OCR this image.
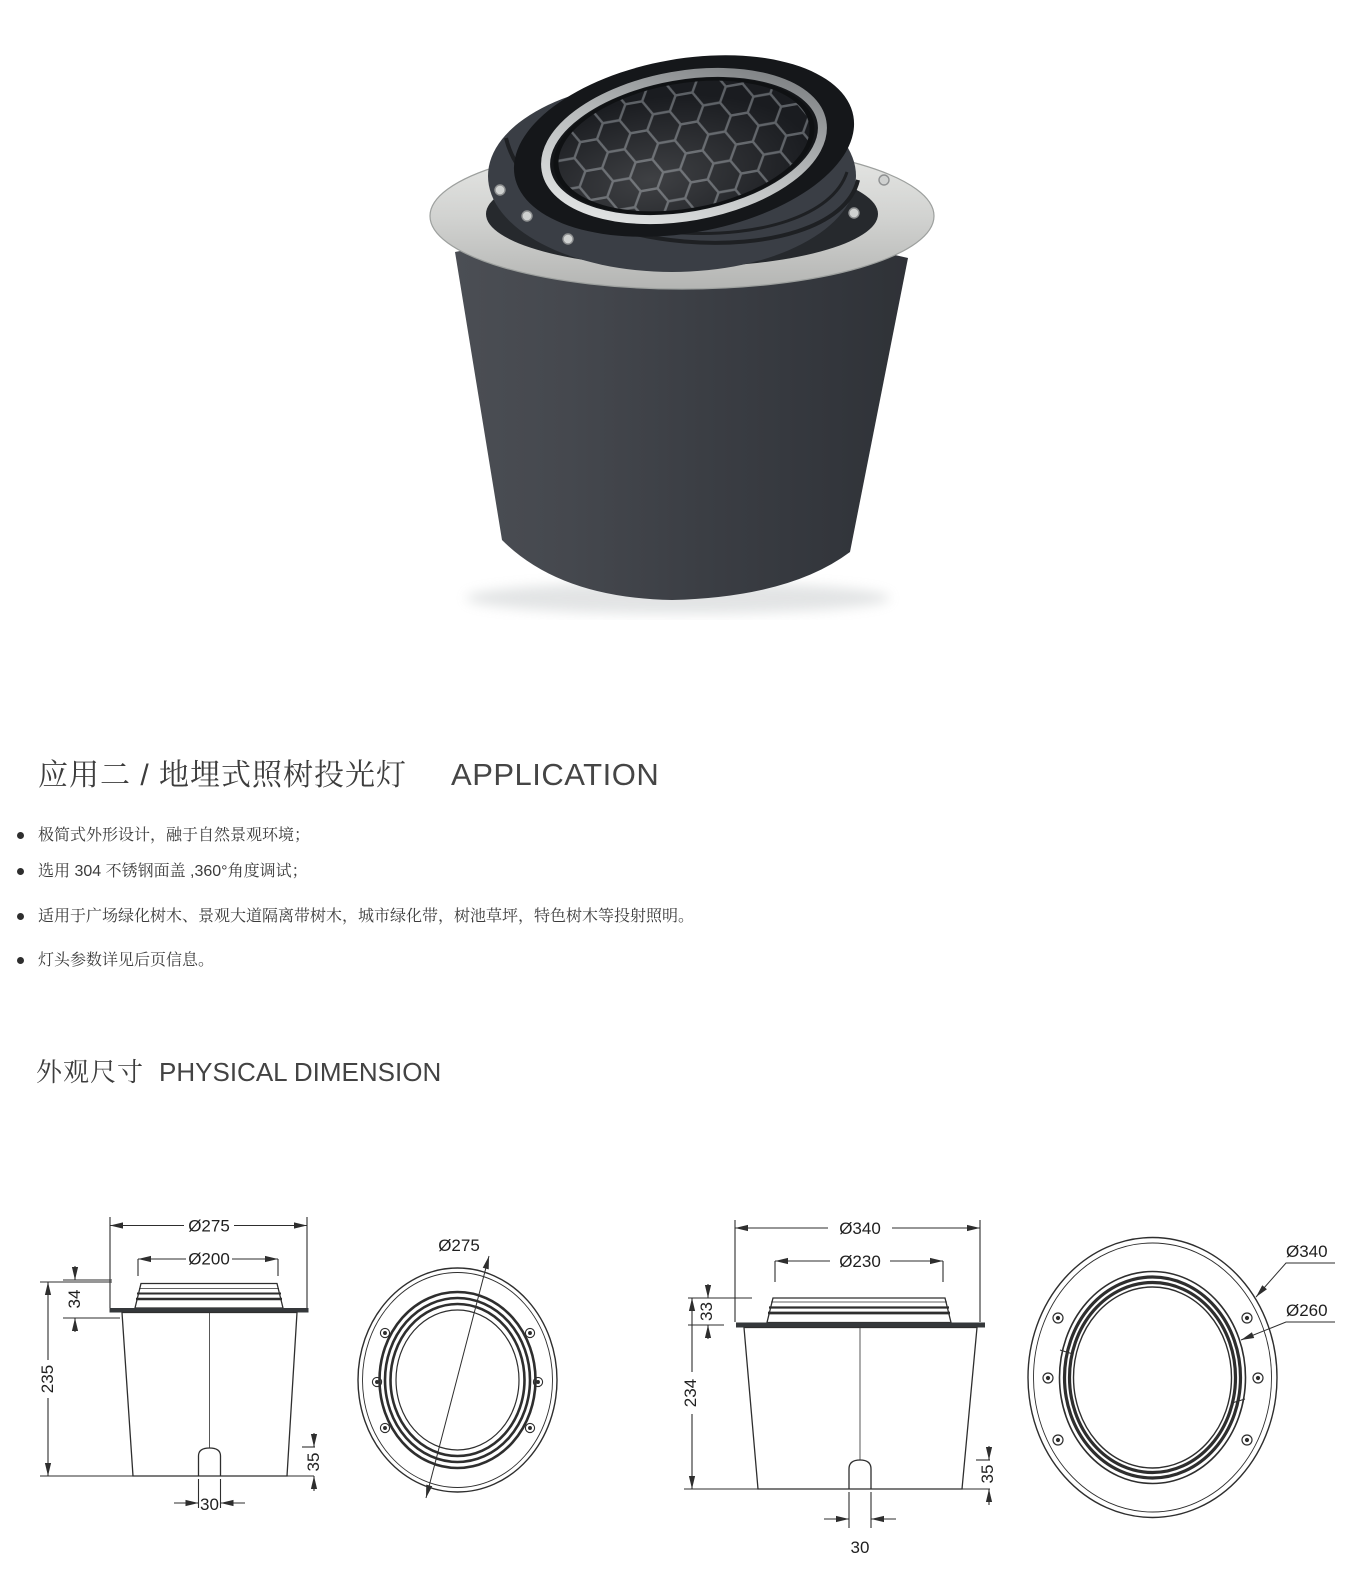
应用二 / 地埋式照树投光灯 APPLICATION
极简式外形设计，融于自然景观环境；
选用 304 不锈钢面盖 ,360°角度调试；
适用于广场绿化树木、景观大道隔离带树木，城市绿化带，树池草坪，特色树木等投射照明。
灯头参数详见后页信息。
外观尺寸 PHYSICAL DIMENSION
Ø275
Ø200
34
235
35
30
Ø275
Ø340
Ø230
33
234
35
30
Ø340
Ø260
